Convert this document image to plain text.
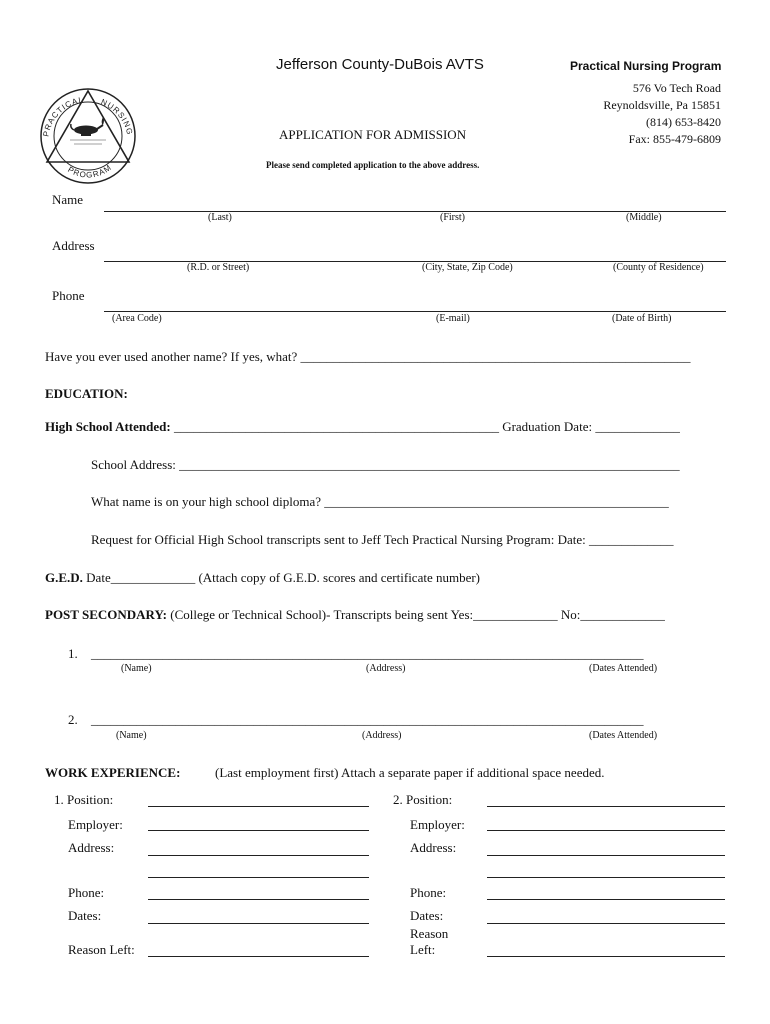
Jefferson County-DuBois AVTS	Practical Nursing Program
576 Vo Tech Road
Reynoldsville, Pa 15851
(814) 653-8420
Fax: 855-479-6809
APPLICATION FOR ADMISSION
Please send completed application to the above address.
PRACTICAL NURSING
PROGRAM
Name
(Last)	(First)	(Middle)
Address
(R.D. or Street)	(City, State, Zip Code)	(County of Residence)
Phone
(Area Code)	(E-mail)	(Date of Birth)
Have you ever used another name? If yes, what? ____________________________________________________________
EDUCATION:
High School Attended: __________________________________________________ Graduation Date: _____________
School Address: _____________________________________________________________________________
What name is on your high school diploma? _____________________________________________________
Request for Official High School transcripts sent to Jeff Tech Practical Nursing Program: Date: _____________
G.E.D. Date_____________ (Attach copy of G.E.D. scores and certificate number)
POST SECONDARY: (College or Technical School)- Transcripts being sent Yes:_____________ No:_____________
1. _____________________________________________________________________________________
(Name)	(Address)	(Dates Attended)
2. _____________________________________________________________________________________
(Name)	(Address)	(Dates Attended)
WORK EXPERIENCE:	(Last employment first) Attach a separate paper if additional space needed.
1. Position:
Employer:
Address:
Phone:
Dates:
Reason Left:
2. Position:
Employer:
Address:
Phone:
Dates:
Reason
Left:
